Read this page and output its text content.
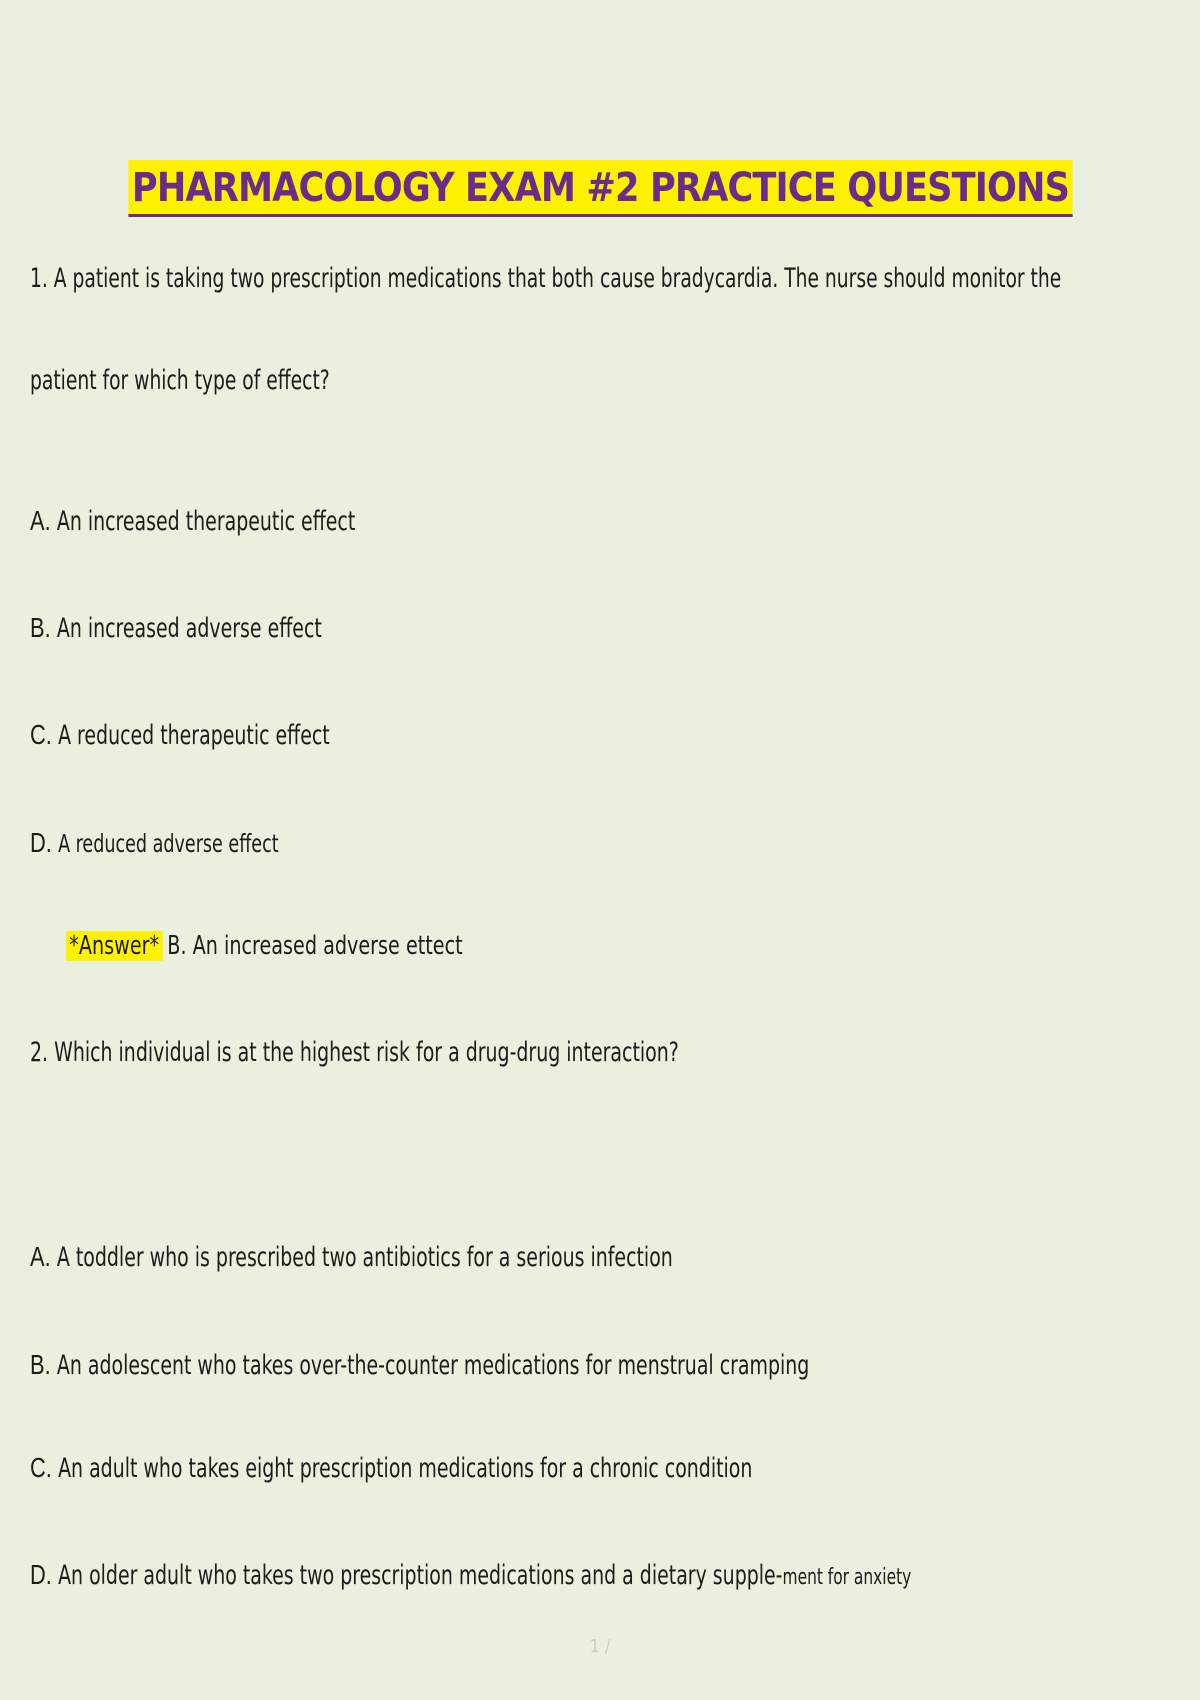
PHARMACOLOGY EXAM #2 PRACTICE QUESTIONS
1. A patient is taking two prescription medications that both cause bradycardia. The nurse should monitor the
patient for which type of effect?
A. An increased therapeutic effect
B. An increased adverse effect
C. A reduced therapeutic effect
D. A reduced adverse effect
*Answer* B. An increased adverse ettect
2. Which individual is at the highest risk for a drug-drug interaction?
A. A toddler who is prescribed two antibiotics for a serious infection
B. An adolescent who takes over-the-counter medications for menstrual cramping
C. An adult who takes eight prescription medications for a chronic condition
D. An older adult who takes two prescription medications and a dietary supple-ment for anxiety
1 /
